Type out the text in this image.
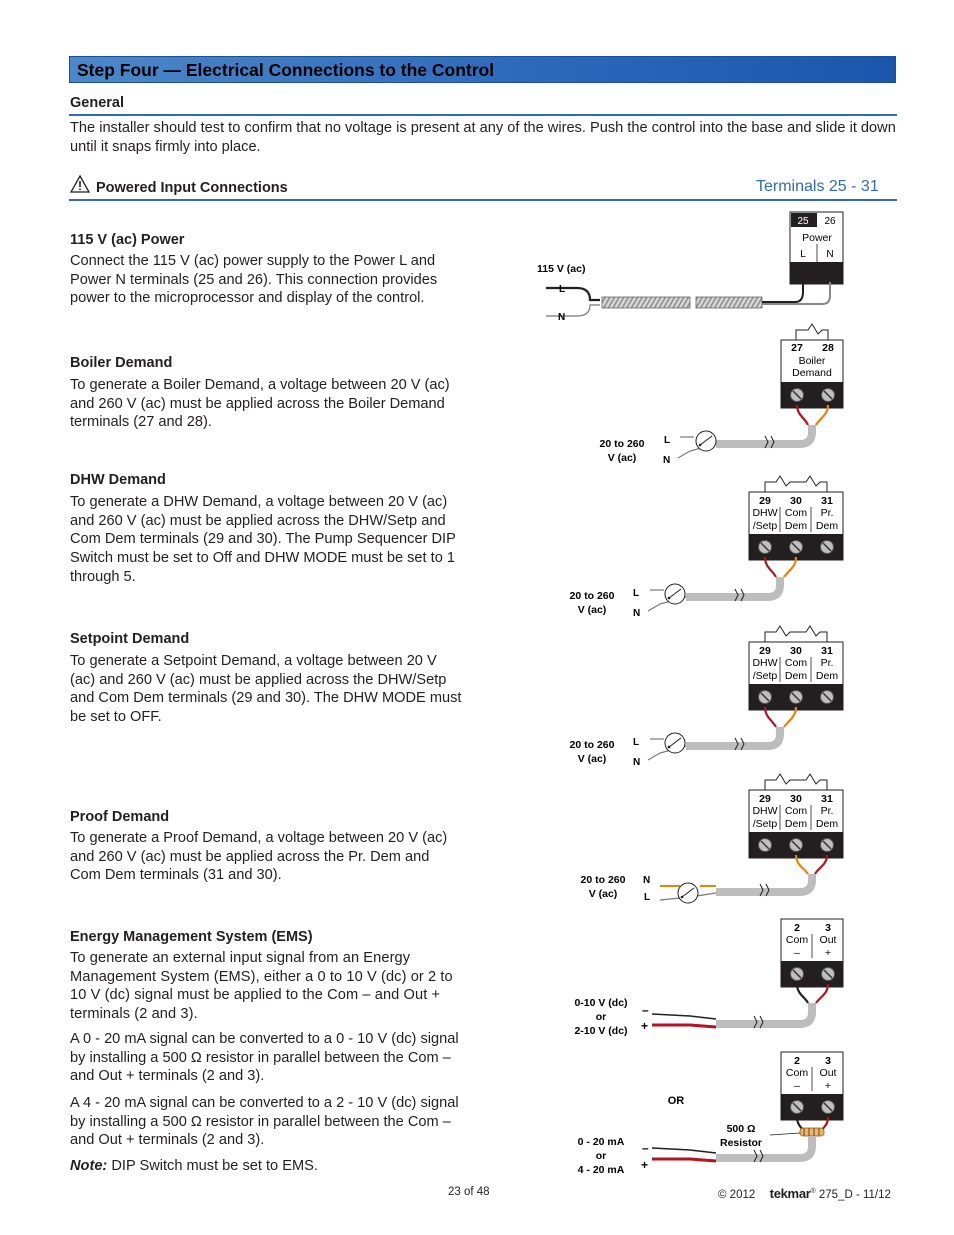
Step Four — Electrical Connections to the Control
General
The installer should test to confirm that no voltage is present at any of the wires. Push the control into the base and slide it down until it snaps firmly into place.
Powered Input Connections	Terminals 25 - 31
115 V (ac) Power
Connect the 115 V (ac) power supply to the Power L and Power N terminals (25 and 26). This connection provides power to the microprocessor and display of the control.
Boiler Demand
To generate a Boiler Demand, a voltage between 20 V (ac) and 260 V (ac) must be applied across the Boiler Demand terminals (27 and 28).
DHW Demand
To generate a DHW Demand, a voltage between 20 V (ac) and 260 V (ac) must be applied across the DHW/Setp and Com Dem terminals (29 and 30). The Pump Sequencer DIP Switch must be set to Off and DHW MODE must be set to 1 through 5.
Setpoint Demand
To generate a Setpoint Demand, a voltage between 20 V (ac) and 260 V (ac) must be applied across the DHW/Setp and Com Dem terminals (29 and 30). The DHW MODE must be set to OFF.
Proof Demand
To generate a Proof Demand, a voltage between 20 V (ac) and 260 V (ac) must be applied across the Pr. Dem and Com Dem terminals (31 and 30).
Energy Management System (EMS)
To generate an external input signal from an Energy Management System (EMS), either a 0 to 10 V (dc) or 2 to 10 V (dc) signal must be applied to the Com – and Out + terminals (2 and 3).
A 0 - 20 mA signal can be converted to a 0 - 10 V (dc) signal by installing a 500 Ω resistor in parallel between the Com – and Out + terminals (2 and 3).
A 4 - 20 mA signal can be converted to a 2 - 10 V (dc) signal by installing a 500 Ω resistor in parallel between the Com – and Out + terminals (2 and 3).
Note: DIP Switch must be set to EMS.
25 26
Power
L N
115 V (ac)
L
N
27 28
Boiler
Demand
20 to 260
V (ac)
L
N
29 30 31
DHW
/Setp
Com
Dem
Pr.
Dem
20 to 260
V (ac)
L
N
29 30 31
DHW
/Setp
Com
Dem
Pr.
Dem
20 to 260
V (ac)
L
N
29 30 31
DHW
/Setp
Com
Dem
Pr.
Dem
20 to 260
V (ac)
N
L
2 3
Com Out
– +
0-10 V (dc)
or
2-10 V (dc)
–
+
OR
2 3
Com Out
– +
500 Ω
Resistor
0 - 20 mA
or
4 - 20 mA
–
+
23 of 48	© 2012 tekmar® 275_D - 11/12
